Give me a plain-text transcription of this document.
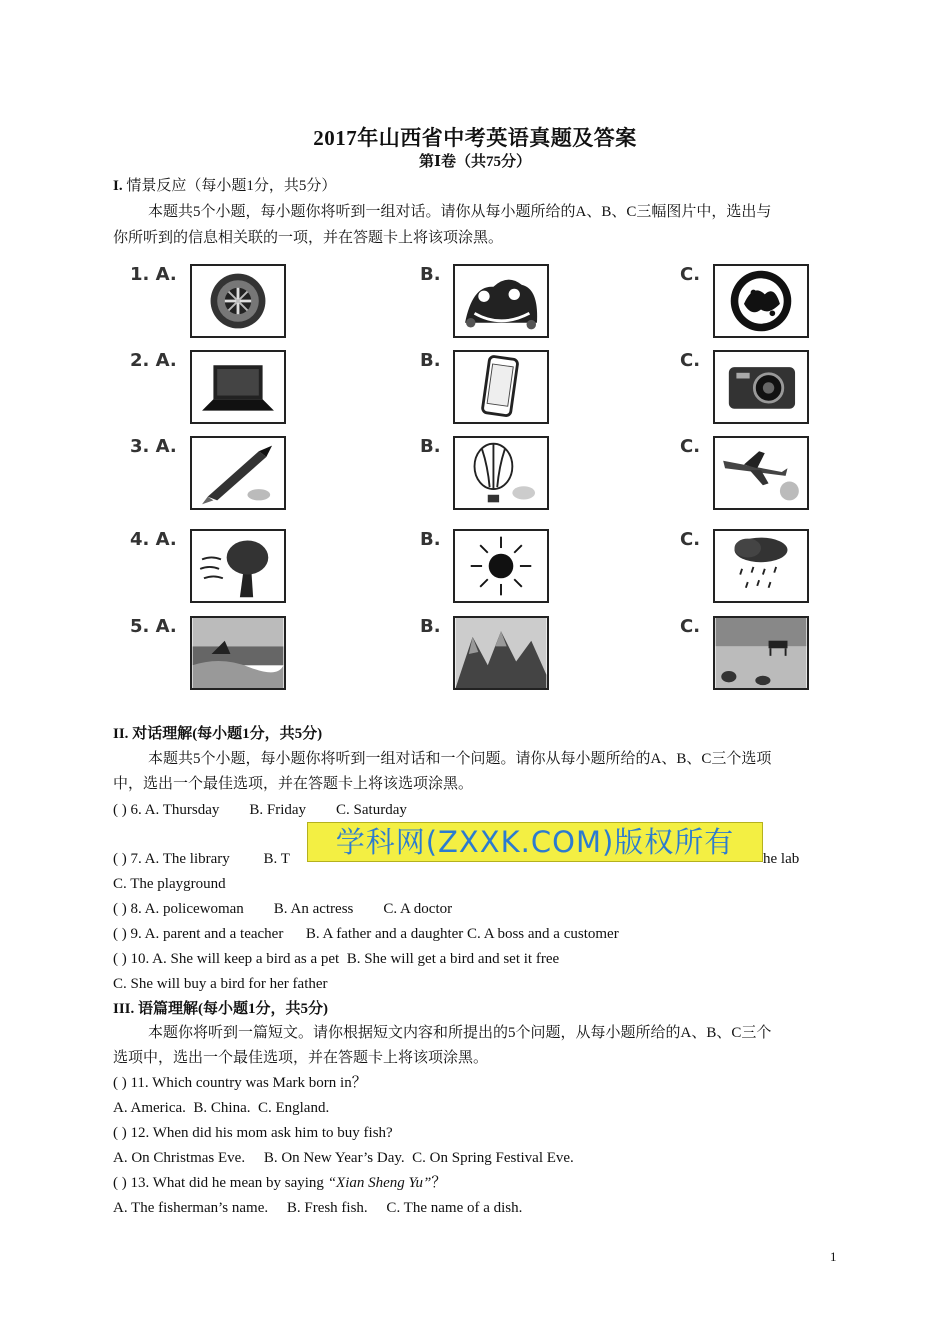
2017年山西省中考英语真题及答案
第Ⅰ卷（共75分）
I. 情景反应（每小题1分，共5分）
本题共5个小题，每小题你将听到一组对话。请你从每小题所给的A、B、C三幅图片中，选出与
你所听到的信息相关联的一项，并在答题卡上将该项涂黑。
1. A.	B.	C.
2. A.	B.	C.
3. A.	B.	C.
4. A.	B.	C.
5. A.	B.	C.
II. 对话理解(每小题1分，共5分)
本题共5个小题，每小题你将听到一组对话和一个问题。请你从每小题所给的A、B、C三个选项
中，选出一个最佳选项，并在答题卡上将该选项涂黑。
( ) 6. A. Thursday        B. Friday        C. Saturday
( ) 7. A. The library         B. T	he lab
C. The playground
( ) 8. A. policewoman        B. An actress        C. A doctor
( ) 9. A. parent and a teacher      B. A father and a daughter C. A boss and a customer
( ) 10. A. She will keep a bird as a pet  B. She will get a bird and set it free
C. She will buy a bird for her father
学科网(ZXXK.COM)版权所有
III. 语篇理解(每小题1分，共5分)
本题你将听到一篇短文。请你根据短文内容和所提出的5个问题，从每小题所给的A、B、C三个
选项中，选出一个最佳选项，并在答题卡上将该项涂黑。
( ) 11. Which country was Mark born in？
A. America.  B. China.  C. England.
( ) 12. When did his mom ask him to buy fish?
A. On Christmas Eve.     B. On New Year’s Day.  C. On Spring Festival Eve.
( ) 13. What did he mean by saying “Xian Sheng Yu”？
A. The fisherman’s name.     B. Fresh fish.     C. The name of a dish.
1
